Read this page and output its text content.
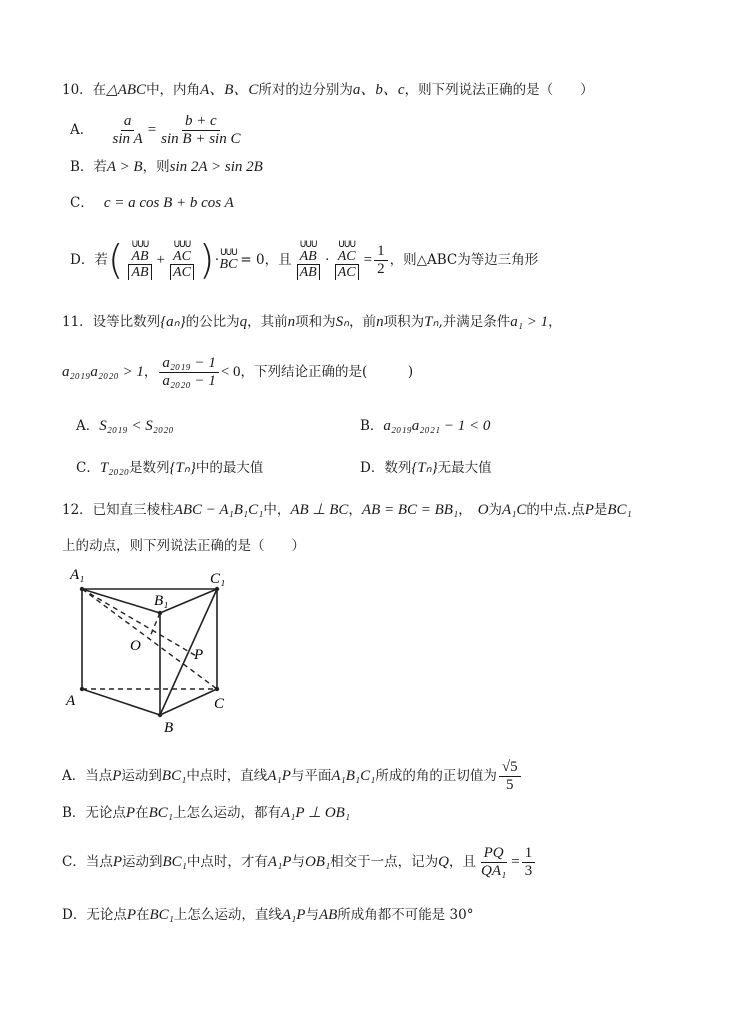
10．在△ABC中，内角A、B、C所对的边分别为a、b、c，则下列说法正确的是（　　）
A． $\frac{a}{\text{sin A}} = \frac{b + c}{\text{sin B + sin C}}$
B．若A > B，则sin 2A > sin 2B
C． c = a cos B + b cos A
D．若( ꓴꓴꓴ
AB
AB + ꓴꓴꓴ
AC
AC )· ꓴꓴꓴ
BC = 0，且 ꓴꓴꓴ
AB
AB · ꓴꓴꓴ
AC
AC = $\frac{1}{2}$ ，则△ABC为等边三角形
11．设等比数列{aₙ}的公比为q，其前n项和为Sₙ，前n项积为Tₙ,并满足条件a₁ > 1，
a₂₀₁₉a₂₀₂₀ > 1， $\frac{\text{a₂₀₁₉ − 1}}{\text{a₂₀₂₀ − 1}} < 0$，下列结论正确的是(　　　)
A．S₂₀₁₉ < S₂₀₂₀	B．a₂₀₁₉a₂₀₂₁ − 1 < 0
C．T₂₀₂₀是数列{Tₙ}中的最大值	D．数列{Tₙ}无最大值
12．已知直三棱柱ABC − A₁B₁C₁中，AB ⊥ BC，AB = BC = BB₁， O为A₁C的中点.点P是BC₁
上的动点，则下列说法正确的是（　　）
A₁	C₁
B₁
O
P
A
B
C
A．当点P运动到BC₁中点时，直线A₁P与平面A₁B₁C₁所成的角的正切值为 $\frac{√5}{5}$
B．无论点P在BC₁上怎么运动，都有A₁P ⊥ OB₁
C．当点P运动到BC₁中点时，才有A₁P与OB₁相交于一点，记为Q，且 $\frac{PQ}{\text{QA₁}} = \frac{1}{3}$
D．无论点P在BC₁上怎么运动，直线A₁P与AB所成角都不可能是 30°
